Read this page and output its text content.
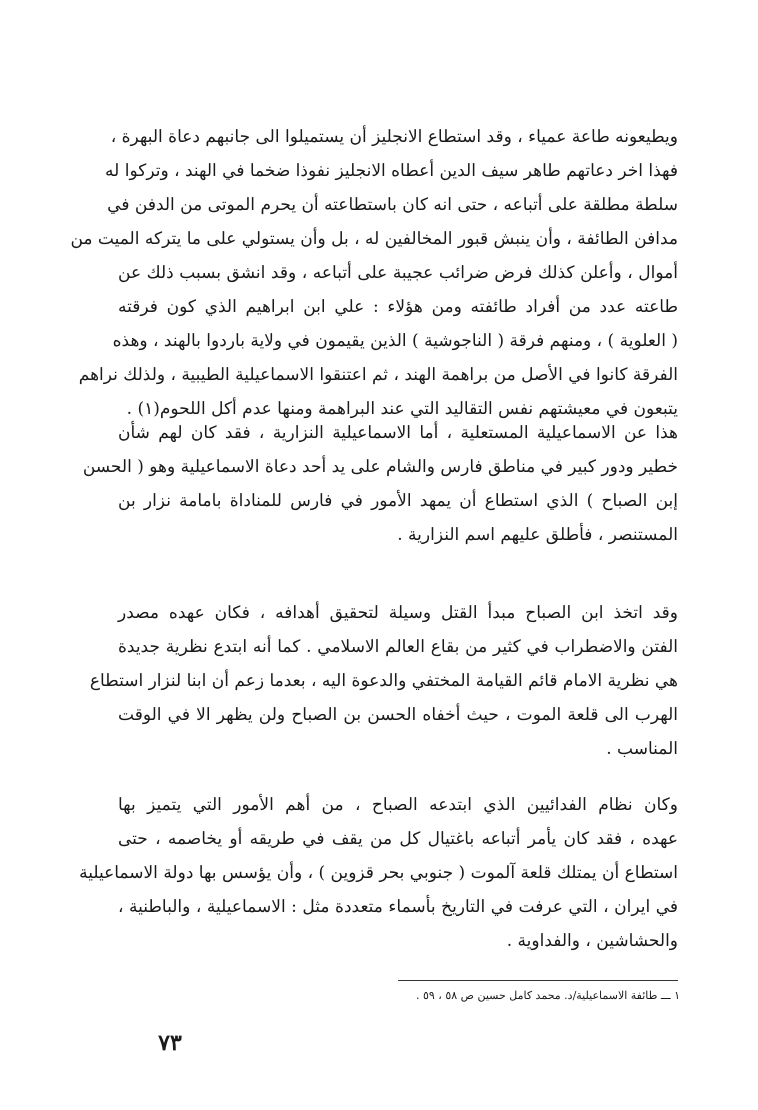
ويطيعونه طاعة عمياء ، وقد استطاع الانجليز أن يستميلوا الى جانبهم دعاة البهرة ،
فهذا اخر دعاتهم طاهر سيف الدين أعطاه الانجليز نفوذا ضخما في الهند ، وتركوا له
سلطة مطلقة على أتباعه ، حتى انه كان باستطاعته أن يحرم الموتى من الدفن في
مدافن الطائفة ، وأن ينبش قبور المخالفين له ، بل وأن يستولي على ما يتركه الميت من
أموال ، وأعلن كذلك فرض ضرائب عجيبة على أتباعه ، وقد انشق بسبب ذلك عن
طاعته عدد من أفراد طائفته ومن هؤلاء : علي ابن ابراهيم الذي كون فرقته
( العلوية ) ، ومنهم فرقة ( الناجوشية ) الذين يقيمون في ولاية باردوا بالهند ، وهذه
الفرقة كانوا في الأصل من براهمة الهند ، ثم اعتنقوا الاسماعيلية الطيبية ، ولذلك نراهم
يتبعون في معيشتهم نفس التقاليد التي عند البراهمة ومنها عدم أكل اللحوم(١) .
هذا عن الاسماعيلية المستعلية ، أما الاسماعيلية النزارية ، فقد كان لهم شأن
خطير ودور كبير في مناطق فارس والشام على يد أحد دعاة الاسماعيلية وهو ( الحسن
إبن الصباح ) الذي استطاع أن يمهد الأمور في فارس للمناداة بامامة نزار بن
المستنصر ، فأطلق عليهم اسم النزارية .
وقد اتخذ ابن الصباح مبدأ القتل وسيلة لتحقيق أهدافه ، فكان عهده مصدر
الفتن والاضطراب في كثير من بقاع العالم الاسلامي . كما أنه ابتدع نظرية جديدة
هي نظرية الامام قائم القيامة المختفي والدعوة اليه ، بعدما زعم أن ابنا لنزار استطاع
الهرب الى قلعة الموت ، حيث أخفاه الحسن بن الصباح ولن يظهر الا في الوقت
المناسب .
وكان نظام الفدائيين الذي ابتدعه الصباح ، من أهم الأمور التي يتميز بها
عهده ، فقد كان يأمر أتباعه باغتيال كل من يقف في طريقه أو يخاصمه ، حتى
استطاع أن يمتلك قلعة آلموت ( جنوبي بحر قزوين ) ، وأن يؤسس بها دولة الاسماعيلية
في ايران ، التي عرفت في التاريخ بأسماء متعددة مثل : الاسماعيلية ، والباطنية ،
والحشاشين ، والفداوية .
١ ـــ طائفة الاسماعيلية/د. محمد كامل حسين ص ٥٨ ، ٥٩ .
٧٣
